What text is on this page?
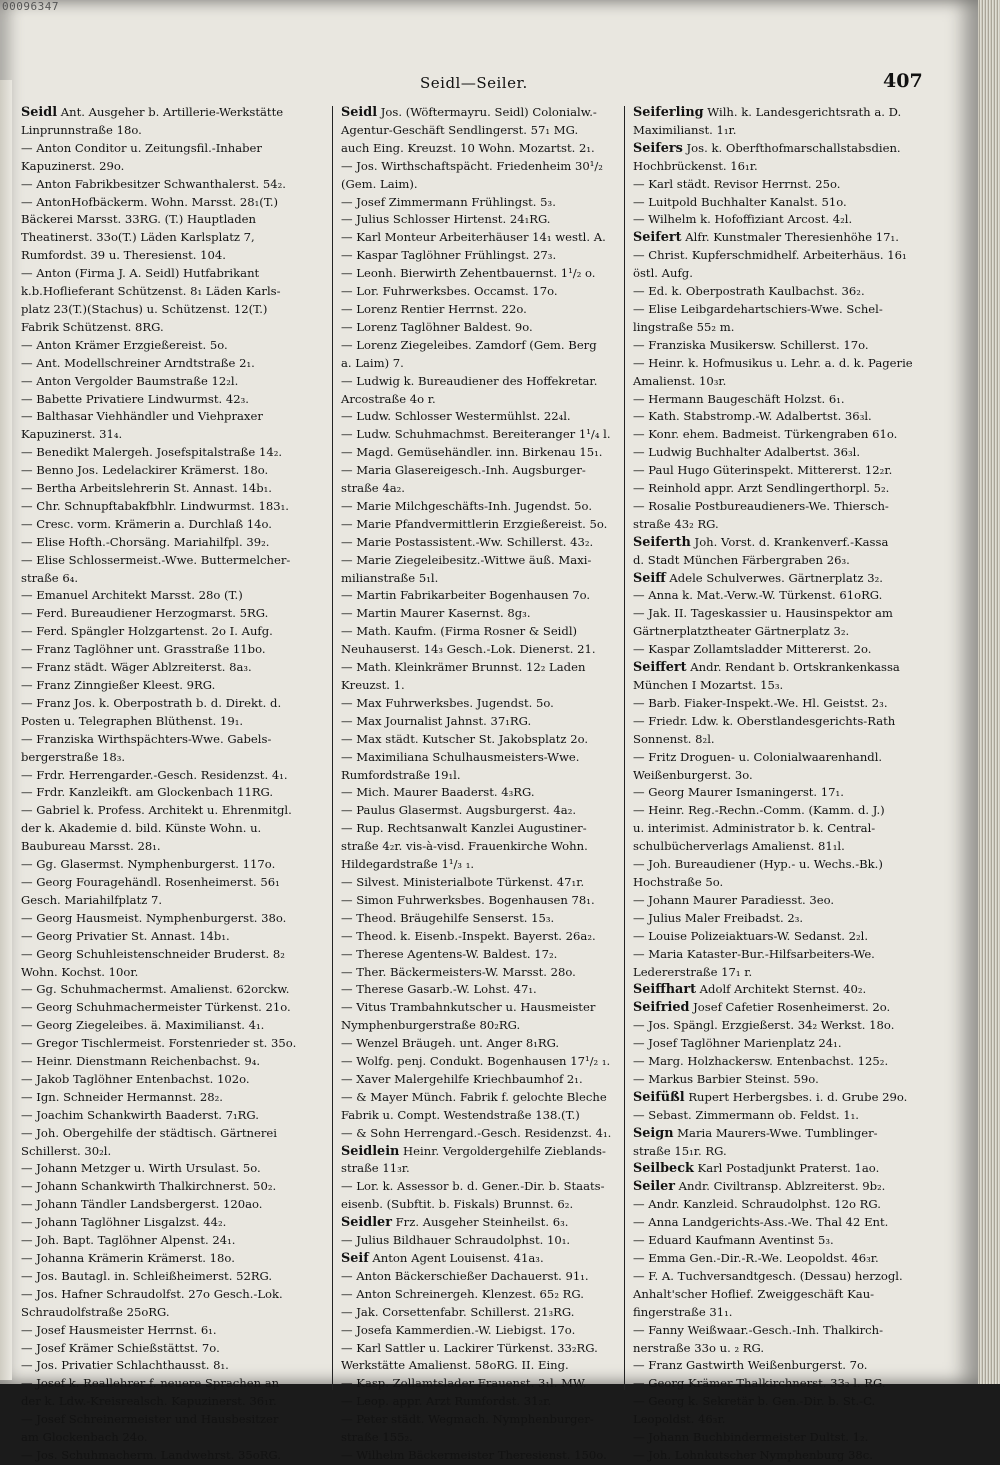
00096347
Seidl—Seiler.	407
Seidl Ant. Ausgeher b. Artillerie-Werkstätte
Linprunnstraße 18o.
— Anton Conditor u. Zeitungsfil.-Inhaber
Kapuzinerst. 29o.
— Anton Fabrikbesitzer Schwanthalerst. 54₂.
— AntonHofbäckerm. Wohn. Marsst. 28₁(T.)
Bäckerei Marsst. 33RG. (T.) Hauptladen
Theatinerst. 33o(T.) Läden Karlsplatz 7,
Rumfordst. 39 u. Theresienst. 104.
— Anton (Firma J. A. Seidl) Hutfabrikant
k.b.Hoflieferant Schützenst. 8₁ Läden Karls-
platz 23(T.)(Stachus) u. Schützenst. 12(T.)
Fabrik Schützenst. 8RG.
— Anton Krämer Erzgießereist. 5o.
— Ant. Modellschreiner Arndtstraße 2₁.
— Anton Vergolder Baumstraße 12₂l.
— Babette Privatiere Lindwurmst. 42₃.
— Balthasar Viehhändler und Viehpraxer
Kapuzinerst. 31₄.
— Benedikt Malergeh. Josefspitalstraße 14₂.
— Benno Jos. Ledelackirer Krämerst. 18o.
— Bertha Arbeitslehrerin St. Annast. 14b₁.
— Chr. Schnupftabakfbhlr. Lindwurmst. 183₁.
— Cresc. vorm. Krämerin a. Durchlaß 14o.
— Elise Hofth.-Chorsäng. Mariahilfpl. 39₂.
— Elise Schlossermeist.-Wwe. Buttermelcher-
straße 6₄.
— Emanuel Architekt Marsst. 28o (T.)
— Ferd. Bureaudiener Herzogmarst. 5RG.
— Ferd. Spängler Holzgartenst. 2o I. Aufg.
— Franz Taglöhner unt. Grasstraße 11bo.
— Franz städt. Wäger Ablzreiterst. 8a₃.
— Franz Zinngießer Kleest. 9RG.
— Franz Jos. k. Oberpostrath b. d. Direkt. d.
Posten u. Telegraphen Blüthenst. 19₁.
— Franziska Wirthspächters-Wwe. Gabels-
bergerstraße 18₃.
— Frdr. Herrengarder.-Gesch. Residenzst. 4₁.
— Frdr. Kanzleikft. am Glockenbach 11RG.
— Gabriel k. Profess. Architekt u. Ehrenmitgl.
der k. Akademie d. bild. Künste Wohn. u.
Baubureau Marsst. 28₁.
— Gg. Glasermst. Nymphenburgerst. 117o.
— Georg Fouragehändl. Rosenheimerst. 56₁
Gesch. Mariahilfplatz 7.
— Georg Hausmeist. Nymphenburgerst. 38o.
— Georg Privatier St. Annast. 14b₁.
— Georg Schuhleistenschneider Bruderst. 8₂
Wohn. Kochst. 10or.
— Gg. Schuhmachermst. Amalienst. 62orckw.
— Georg Schuhmachermeister Türkenst. 21o.
— Georg Ziegeleibes. ä. Maximilianst. 4₁.
— Gregor Tischlermeist. Forstenrieder st. 35o.
— Heinr. Dienstmann Reichenbachst. 9₄.
— Jakob Taglöhner Entenbachst. 102o.
— Ign. Schneider Hermannst. 28₂.
— Joachim Schankwirth Baaderst. 7₁RG.
— Joh. Obergehilfe der städtisch. Gärtnerei
Schillerst. 30₂l.
— Johann Metzger u. Wirth Ursulast. 5o.
— Johann Schankwirth Thalkirchnerst. 50₂.
— Johann Tändler Landsbergerst. 120ao.
— Johann Taglöhner Lisgalzst. 44₂.
— Joh. Bapt. Taglöhner Alpenst. 24₁.
— Johanna Krämerin Krämerst. 18o.
— Jos. Bautagl. in. Schleißheimerst. 52RG.
— Jos. Hafner Schraudolfst. 27o Gesch.-Lok.
Schraudolfstraße 25oRG.
— Josef Hausmeister Herrnst. 6₁.
— Josef Krämer Schießstättst. 7o.
— Jos. Privatier Schlachthausst. 8₁.
— Josef k. Reallehrer f. neuere Sprachen an
der k. Ldw.-Kreisrealsch. Kapuzinerst. 36₁r.
— Josef Schreinermeister und Hausbesitzer
am Glockenbach 24o.
— Jos. Schuhmacherm. Landwehrst. 35oRG.
Seidl Jos. (Wöftermayru. Seidl) Colonialw.-
Agentur-Geschäft Sendlingerst. 57₁ MG.
auch Eing. Kreuzst. 10 Wohn. Mozartst. 2₁.
— Jos. Wirthschaftspächt. Friedenheim 30¹/₂
(Gem. Laim).
— Josef Zimmermann Frühlingst. 5₃.
— Julius Schlosser Hirtenst. 24₁RG.
— Karl Monteur Arbeiterhäuser 14₁ westl. A.
— Kaspar Taglöhner Frühlingst. 27₃.
— Leonh. Bierwirth Zehentbauernst. 1¹/₂ o.
— Lor. Fuhrwerksbes. Occamst. 17o.
— Lorenz Rentier Herrnst. 22o.
— Lorenz Taglöhner Baldest. 9o.
— Lorenz Ziegeleibes. Zamdorf (Gem. Berg
a. Laim) 7.
— Ludwig k. Bureaudiener des Hoffekretar.
Arcostraße 4o r.
— Ludw. Schlosser Westermühlst. 22₄l.
— Ludw. Schuhmachmst. Bereiteranger 1¹/₄ l.
— Magd. Gemüsehändler. inn. Birkenau 15₁.
— Maria Glasereigesch.-Inh. Augsburger-
straße 4a₂.
— Marie Milchgeschäfts-Inh. Jugendst. 5o.
— Marie Pfandvermittlerin Erzgießereist. 5o.
— Marie Postassistent.-Ww. Schillerst. 43₂.
— Marie Ziegeleibesitz.-Wittwe äuß. Maxi-
milianstraße 5₁l.
— Martin Fabrikarbeiter Bogenhausen 7o.
— Martin Maurer Kasernst. 8g₃.
— Math. Kaufm. (Firma Rosner & Seidl)
Neuhauserst. 14₃ Gesch.-Lok. Dienerst. 21.
— Math. Kleinkrämer Brunnst. 12₂ Laden
Kreuzst. 1.
— Max Fuhrwerksbes. Jugendst. 5o.
— Max Journalist Jahnst. 37₁RG.
— Max städt. Kutscher St. Jakobsplatz 2o.
— Maximiliana Schulhausmeisters-Wwe.
Rumfordstraße 19₁l.
— Mich. Maurer Baaderst. 4₃RG.
— Paulus Glasermst. Augsburgerst. 4a₂.
— Rup. Rechtsanwalt Kanzlei Augustiner-
straße 4₂r. vis-à-visd. Frauenkirche Wohn.
Hildegardstraße 1¹/₃ ₁.
— Silvest. Ministerialbote Türkenst. 47₁r.
— Simon Fuhrwerksbes. Bogenhausen 78₁.
— Theod. Bräugehilfe Senserst. 15₃.
— Theod. k. Eisenb.-Inspekt. Bayerst. 26a₂.
— Therese Agentens-W. Baldest. 17₂.
— Ther. Bäckermeisters-W. Marsst. 28o.
— Therese Gasarb.-W. Lohst. 47₁.
— Vitus Trambahnkutscher u. Hausmeister
Nymphenburgerstraße 80₂RG.
— Wenzel Bräugeh. unt. Anger 8₁RG.
— Wolfg. penj. Condukt. Bogenhausen 17¹/₂ ₁.
— Xaver Malergehilfe Kriechbaumhof 2₁.
— & Mayer Münch. Fabrik f. gelochte Bleche
Fabrik u. Compt. Westendstraße 138.(T.)
— & Sohn Herrengard.-Gesch. Residenzst. 4₁.
Seidlein Heinr. Vergoldergehilfe Zieblands-
straße 11₃r.
— Lor. k. Assessor b. d. Gener.-Dir. b. Staats-
eisenb. (Subftit. b. Fiskals) Brunnst. 6₂.
Seidler Frz. Ausgeher Steinheilst. 6₃.
— Julius Bildhauer Schraudolphst. 10₁.
Seif Anton Agent Louisenst. 41a₃.
— Anton Bäckerschießer Dachauerst. 91₁.
— Anton Schreinergeh. Klenzest. 65₂ RG.
— Jak. Corsettenfabr. Schillerst. 21₃RG.
— Josefa Kammerdien.-W. Liebigst. 17o.
— Karl Sattler u. Lackirer Türkenst. 33₂RG.
Werkstätte Amalienst. 58oRG. II. Eing.
— Kasp. Zollamtslader Frauenst. 3₁l. MW.
— Leop. appr. Arzt Rumfordst. 31₂r.
— Peter städt. Wegmach. Nymphenburger-
straße 155₂.
— Wilhelm Bäckermeister Theresienst. 150o.
Seiferling Wilh. k. Landesgerichtsrath a. D.
Maximilianst. 1₁r.
Seifers Jos. k. Oberfthofmarschallstabsdien.
Hochbrückenst. 16₁r.
— Karl städt. Revisor Herrnst. 25o.
— Luitpold Buchhalter Kanalst. 51o.
— Wilhelm k. Hofoffiziant Arcost. 4₂l.
Seifert Alfr. Kunstmaler Theresienhöhe 17₁.
— Christ. Kupferschmidhelf. Arbeiterhäus. 16₁
östl. Aufg.
— Ed. k. Oberpostrath Kaulbachst. 36₂.
— Elise Leibgardehartschiers-Wwe. Schel-
lingstraße 55₂ m.
— Franziska Musikersw. Schillerst. 17o.
— Heinr. k. Hofmusikus u. Lehr. a. d. k. Pagerie
Amalienst. 10₃r.
— Hermann Baugeschäft Holzst. 6₁.
— Kath. Stabstromp.-W. Adalbertst. 36₃l.
— Konr. ehem. Badmeist. Türkengraben 61o.
— Ludwig Buchhalter Adalbertst. 36₃l.
— Paul Hugo Güterinspekt. Mittererst. 12₂r.
— Reinhold appr. Arzt Sendlingerthorpl. 5₂.
— Rosalie Postbureaudieners-We. Thiersch-
straße 43₂ RG.
Seiferth Joh. Vorst. d. Krankenverf.-Kassa
d. Stadt München Färbergraben 26₃.
Seiff Adele Schulverwes. Gärtnerplatz 3₂.
— Anna k. Mat.-Verw.-W. Türkenst. 61oRG.
— Jak. II. Tageskassier u. Hausinspektor am
Gärtnerplatztheater Gärtnerplatz 3₂.
— Kaspar Zollamtsladder Mittererst. 2o.
Seiffert Andr. Rendant b. Ortskrankenkassa
München I Mozartst. 15₃.
— Barb. Fiaker-Inspekt.-We. Hl. Geistst. 2₃.
— Friedr. Ldw. k. Oberstlandesgerichts-Rath
Sonnenst. 8₂l.
— Fritz Droguen- u. Colonialwaarenhandl.
Weißenburgerst. 3o.
— Georg Maurer Ismaningerst. 17₁.
— Heinr. Reg.-Rechn.-Comm. (Kamm. d. J.)
u. interimist. Administrator b. k. Central-
schulbücherverlags Amalienst. 81₁l.
— Joh. Bureaudiener (Hyp.- u. Wechs.-Bk.)
Hochstraße 5o.
— Johann Maurer Paradiesst. 3eo.
— Julius Maler Freibadst. 2₃.
— Louise Polizeiaktuars-W. Sedanst. 2₂l.
— Maria Kataster-Bur.-Hilfsarbeiters-We.
Ledererstraße 17₁ r.
Seiffhart Adolf Architekt Sternst. 40₂.
Seifried Josef Cafetier Rosenheimerst. 2o.
— Jos. Spängl. Erzgießerst. 34₂ Werkst. 18o.
— Josef Taglöhner Marienplatz 24₁.
— Marg. Holzhackersw. Entenbachst. 125₂.
— Markus Barbier Steinst. 59o.
Seifüßl Rupert Herbergsbes. i. d. Grube 29o.
— Sebast. Zimmermann ob. Feldst. 1₁.
Seign Maria Maurers-Wwe. Tumblinger-
straße 15₁r. RG.
Seilbeck Karl Postadjunkt Praterst. 1ao.
Seiler Andr. Civiltransp. Ablzreiterst. 9b₂.
— Andr. Kanzleid. Schraudolphst. 12o RG.
— Anna Landgerichts-Ass.-We. Thal 42 Ent.
— Eduard Kaufmann Aventinst 5₃.
— Emma Gen.-Dir.-R.-We. Leopoldst. 46₃r.
— F. A. Tuchversandtgesch. (Dessau) herzogl.
Anhalt'scher Hoflief. Zweiggeschäft Kau-
fingerstraße 31₁.
— Fanny Weißwaar.-Gesch.-Inh. Thalkirch-
nerstraße 33o u. ₂ RG.
— Franz Gastwirth Weißenburgerst. 7o.
— Georg Krämer Thalkirchnerst. 33₂ l. RG.
— Georg k. Sekretär b. Gen.-Dir. b. St.-C.
Leopoldst. 46₃r.
— Johann Buchbindermeister Dultst. 1₂.
— Joh. Lohnkutscher Nymphenburg 38c.
